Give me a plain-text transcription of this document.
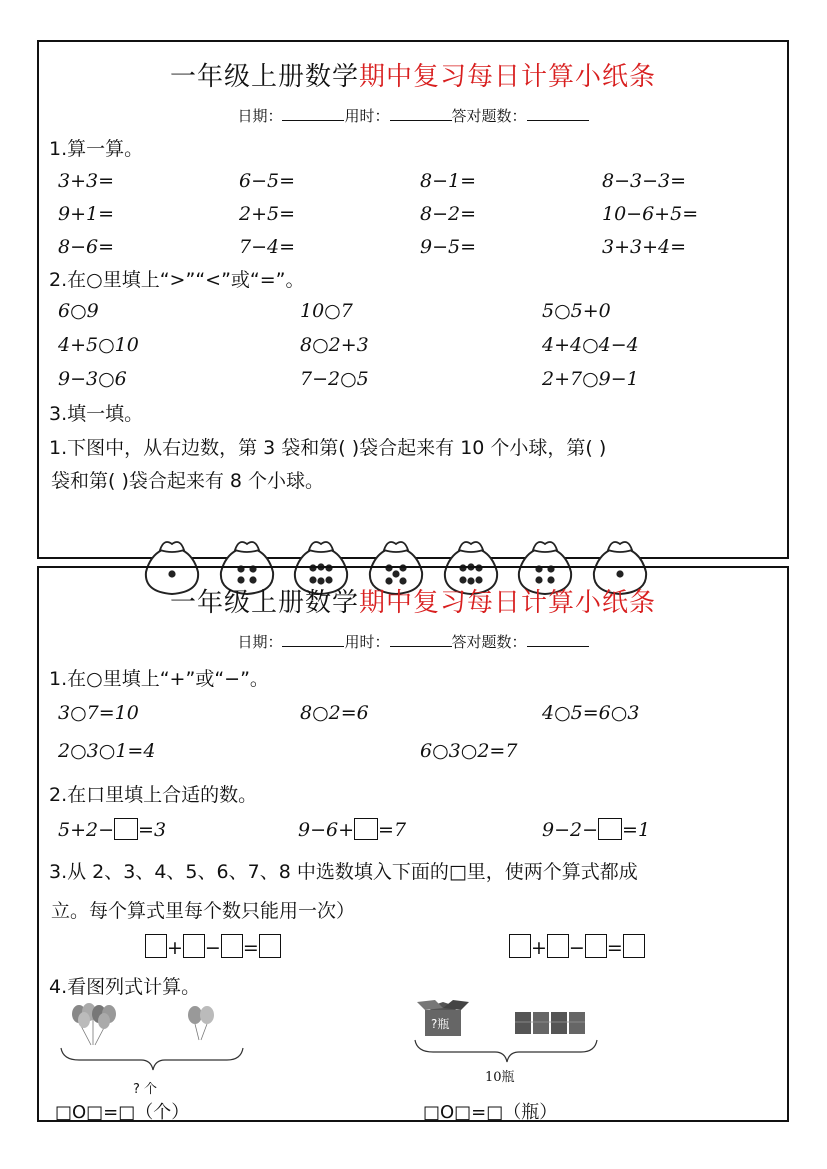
一年级上册数学期中复习每日计算小纸条
日期：	用时：	答对题数：
1.算一算。
3+3=	6−5=	8−1=	8−3−3=
9+1=	2+5=	8−2=	10−6+5=
8−6=	7−4=	9−5=	3+3+4=
2.在○里填上“>”“<”或“=”。
6○9	10○7	5○5+0
4+5○10	8○2+3	4+4○4−4
9−3○6	7−2○5	2+7○9−1
3.填一填。
1.下图中，从右边数，第 3 袋和第( )袋合起来有 10 个小球，第( )
袋和第( )袋合起来有 8 个小球。
一年级上册数学期中复习每日计算小纸条
日期：	用时：	答对题数：
1.在○里填上“+”或“−”。
3○7=10	8○2=6	4○5=6○3
2○3○1=4	6○3○2=7
2.在口里填上合适的数。
5+2− =3	9−6+ =7	9−2− =1
3.从 2、3、4、5、6、7、8 中选数填入下面的□里，使两个算式都成
立。每个算式里每个数只能用一次）
+ − =	+ − =
4.看图列式计算。
? 个
?瓶
10瓶
□O□=□（个）	□O□=□（瓶）
